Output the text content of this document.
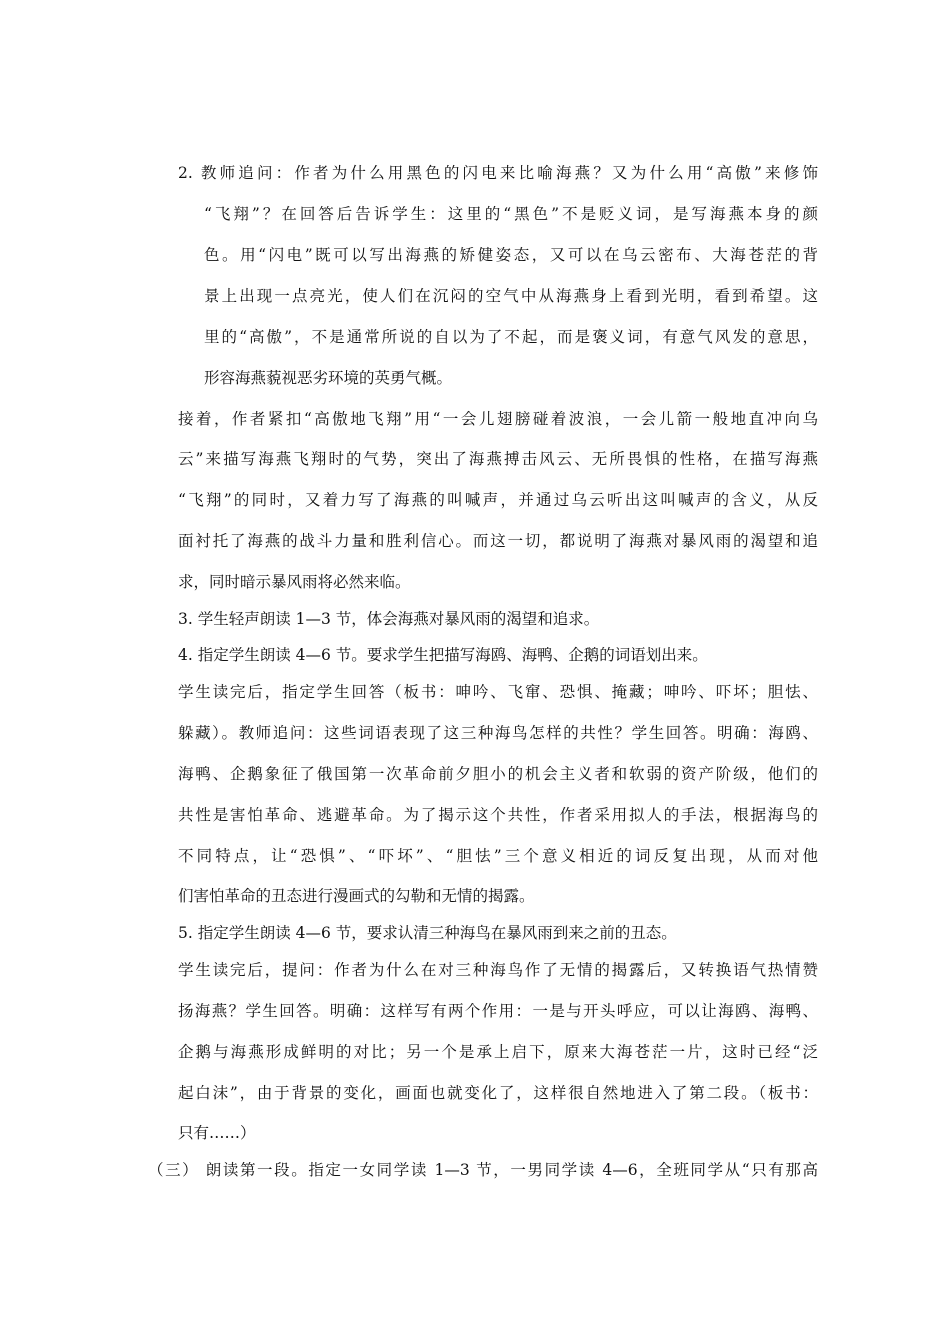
2. 教师追问：作者为什么用黑色的闪电来比喻海燕？又为什么用“高傲”来修饰
“飞翔”？在回答后告诉学生：这里的“黑色”不是贬义词，是写海燕本身的颜
色。用“闪电”既可以写出海燕的矫健姿态，又可以在乌云密布、大海苍茫的背
景上出现一点亮光，使人们在沉闷的空气中从海燕身上看到光明，看到希望。这
里的“高傲”，不是通常所说的自以为了不起，而是褒义词，有意气风发的意思，
形容海燕藐视恶劣环境的英勇气概。
接着，作者紧扣“高傲地飞翔”用“一会儿翅膀碰着波浪，一会儿箭一般地直冲向乌
云”来描写海燕飞翔时的气势，突出了海燕搏击风云、无所畏惧的性格，在描写海燕
“飞翔”的同时，又着力写了海燕的叫喊声，并通过乌云听出这叫喊声的含义，从反
面衬托了海燕的战斗力量和胜利信心。而这一切，都说明了海燕对暴风雨的渴望和追
求，同时暗示暴风雨将必然来临。
3. 学生轻声朗读 1—3 节，体会海燕对暴风雨的渴望和追求。
4. 指定学生朗读 4—6 节。要求学生把描写海鸥、海鸭、企鹅的词语划出来。
学生读完后，指定学生回答（板书：呻吟、飞窜、恐惧、掩藏；呻吟、吓坏；胆怯、
躲藏）。教师追问：这些词语表现了这三种海鸟怎样的共性？学生回答。明确：海鸥、
海鸭、企鹅象征了俄国第一次革命前夕胆小的机会主义者和软弱的资产阶级，他们的
共性是害怕革命、逃避革命。为了揭示这个共性，作者采用拟人的手法，根据海鸟的
不同特点，让“恐惧”、“吓坏”、“胆怯”三个意义相近的词反复出现，从而对他
们害怕革命的丑态进行漫画式的勾勒和无情的揭露。
5. 指定学生朗读 4—6 节，要求认清三种海鸟在暴风雨到来之前的丑态。
学生读完后，提问：作者为什么在对三种海鸟作了无情的揭露后，又转换语气热情赞
扬海燕？学生回答。明确：这样写有两个作用：一是与开头呼应，可以让海鸥、海鸭、
企鹅与海燕形成鲜明的对比；另一个是承上启下，原来大海苍茫一片，这时已经“泛
起白沫”，由于背景的变化，画面也就变化了，这样很自然地进入了第二段。（板书：
只有……）
（三） 朗读第一段。指定一女同学读 1—3 节，一男同学读 4—6，全班同学从“只有那高
